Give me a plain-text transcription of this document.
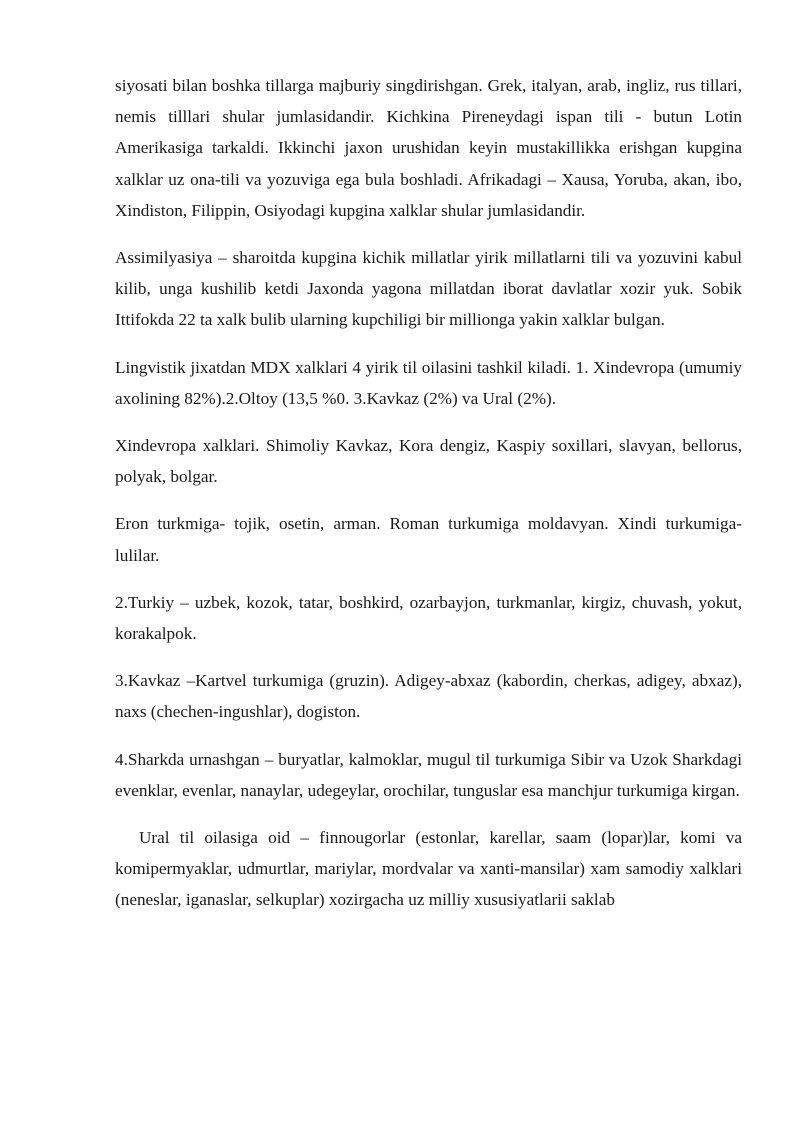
siyosati bilan boshka tillarga majburiy singdirishgan. Grek, italyan, arab, ingliz, rus tillari, nemis tilllari shular jumlasidandir. Kichkina Pireneydagi ispan tili - butun Lotin Amerikasiga tarkaldi. Ikkinchi jaxon urushidan keyin mustakillikka erishgan kupgina xalklar uz ona-tili va yozuviga ega bula boshladi. Afrikadagi – Xausa, Yoruba, akan, ibo, Xindiston, Filippin, Osiyodagi kupgina xalklar shular jumlasidandir.

Assimilyasiya – sharoitda kupgina kichik millatlar yirik millatlarni tili va yozuvini kabul kilib, unga kushilib ketdi Jaxonda yagona millatdan iborat davlatlar xozir yuk. Sobik Ittifokda 22 ta xalk bulib ularning kupchiligi bir millionga yakin xalklar bulgan.

Lingvistik jixatdan MDX xalklari 4 yirik til oilasini tashkil kiladi. 1. Xindevropa (umumiy axolining 82%).2.Oltoy (13,5 %0. 3.Kavkaz (2%) va Ural (2%).

Xindevropa xalklari. Shimoliy Kavkaz, Kora dengiz, Kaspiy soxillari, slavyan, bellorus, polyak, bolgar.

Eron turkmiga- tojik, osetin, arman. Roman turkumiga moldavyan. Xindi turkumiga-lulilar.

2.Turkiy – uzbek, kozok, tatar, boshkird, ozarbayjon, turkmanlar, kirgiz, chuvash, yokut, korakalpok.

3.Kavkaz –Kartvel turkumiga (gruzin). Adigey-abxaz (kabordin, cherkas, adigey, abxaz), naxs (chechen-ingushlar), dogiston.

4.Sharkda urnashgan – buryatlar, kalmoklar, mugul til turkumiga Sibir va Uzok Sharkdagi evenklar, evenlar, nanaylar, udegeylar, orochilar, tunguslar esa manchjur turkumiga kirgan.

Ural til oilasiga oid – finnougorlar (estonlar, karellar, saam (lopar)lar, komi va komipermyaklar, udmurtlar, mariylar, mordvalar va xanti-mansilar) xam samodiy xalklari (neneslar, iganaslar, selkuplar) xozirgacha uz milliy xususiyatlarii saklab
